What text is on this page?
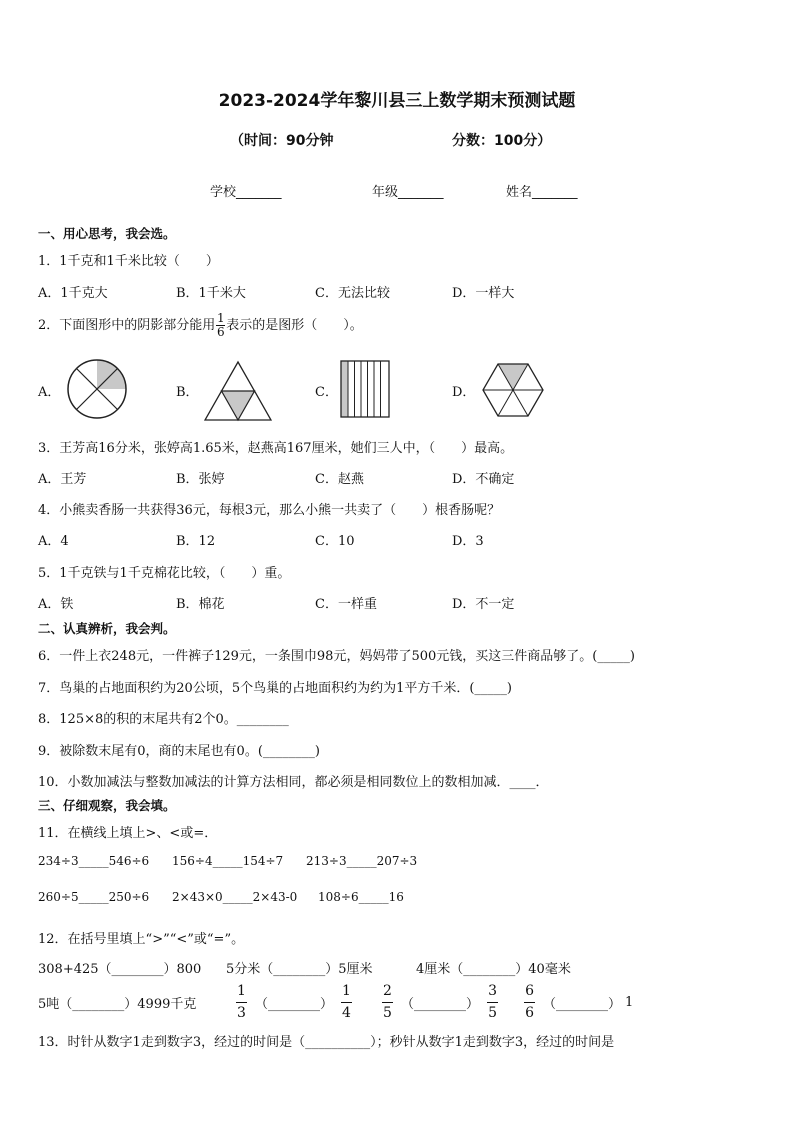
2023-2024学年黎川县三上数学期末预测试题
（时间：90分钟	分数：100分）
学校_______	年级_______	姓名_______
一、用心思考，我会选。
1．1千克和1千米比较（　　）
A．1千克大	B．1千米大	C．无法比较	D．一样大
2．下面图形中的阴影部分能用 $\frac{1}{6}$ 表示的是图形（　　）。
A．	B．	C．	D．
3．王芳高16分米，张婷高1.65米，赵燕高167厘米，她们三人中，（　　）最高。
A．王芳	B．张婷	C．赵燕	D．不确定
4．小熊卖香肠一共获得36元，每根3元，那么小熊一共卖了（　　）根香肠呢？
A．4	B．12	C．10	D．3
5．1千克铁与1千克棉花比较，（　　）重。
A．铁	B．棉花	C．一样重	D．不一定
二、认真辨析，我会判。
6．一件上衣248元，一件裤子129元，一条围巾98元，妈妈带了500元钱，买这三件商品够了。(_____)
7．鸟巢的占地面积约为20公顷，5个鸟巢的占地面积约为约为1平方千米．(_____)
8．125×8的积的末尾共有2个0。________
9．被除数末尾有0，商的末尾也有0。(________)
10．小数加减法与整数加减法的计算方法相同，都必须是相同数位上的数相加减．____．
三、仔细观察，我会填。
11．在横线上填上>、<或=．
234÷3_____546÷6 156÷4_____154÷7 213÷3_____207÷3
260÷5_____250÷6 2×43×0_____2×43-0 108÷6_____16
12．在括号里填上“>”“<”或“=”。
308+425（________）800 5分米（________）5厘米	4厘米（________）40毫米
5吨（________）4999千克
1
3
（________）
1
4
2
5
（________）
3
5
6
6
（________） 1
13．时针从数字1走到数字3，经过的时间是（__________）；秒针从数字1走到数字3，经过的时间是
